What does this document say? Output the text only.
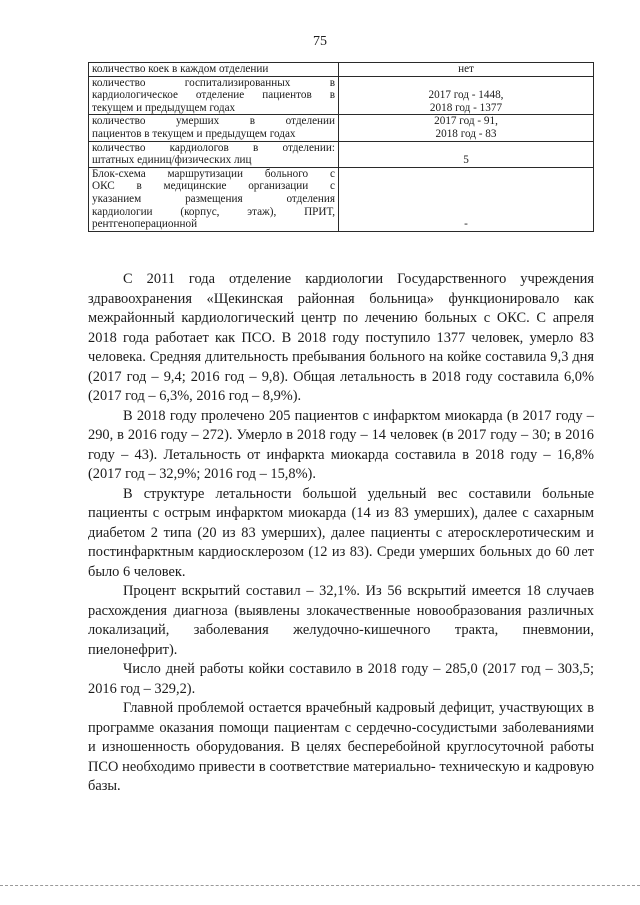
75
количество коек в каждом отделении	нет

количество госпитализированных в
кардиологическое отделение пациентов в
текущем и предыдущем годах	2017 год - 1448,
2018 год - 1377

количество умерших в отделении
пациентов в текущем и предыдущем годах	2017 год - 91,
2018 год - 83

количество кардиологов в отделении:
штатных единиц/физических лиц	5

Блок-схема маршрутизации больного с
ОКС в медицинские организации с
указанием размещения отделения
кардиологии (корпус, этаж), ПРИТ,
рентгеноперационной	-

С 2011 года отделение кардиологии Государственного учреждения здравоохранения «Щекинская районная больница» функционировало как межрайонный кардиологический центр по лечению больных с ОКС. С апреля 2018 года работает как ПСО. В 2018 году поступило 1377 человек, умерло 83 человека. Средняя длительность пребывания больного на койке составила 9,3 дня (2017 год – 9,4; 2016 год – 9,8). Общая летальность в 2018 году составила 6,0% (2017 год – 6,3%, 2016 год – 8,9%).

В 2018 году пролечено 205 пациентов с инфарктом миокарда (в 2017 году – 290, в 2016 году – 272). Умерло в 2018 году – 14 человек (в 2017 году – 30; в 2016 году – 43). Летальность от инфаркта миокарда составила в 2018 году – 16,8% (2017 год – 32,9%; 2016 год – 15,8%).

В структуре летальности большой удельный вес составили больные пациенты с острым инфарктом миокарда (14 из 83 умерших), далее с сахарным диабетом 2 типа (20 из 83 умерших), далее пациенты с атеросклеротическим и постинфарктным кардиосклерозом (12 из 83). Среди умерших больных до 60 лет было 6 человек.

Процент вскрытий составил – 32,1%. Из 56 вскрытий имеется 18 случаев расхождения диагноза (выявлены злокачественные новообразования различных локализаций, заболевания желудочно-кишечного тракта, пневмонии, пиелонефрит).

Число дней работы койки составило в 2018 году – 285,0 (2017 год – 303,5; 2016 год – 329,2).

Главной проблемой остается врачебный кадровый дефицит, участвующих в программе оказания помощи пациентам с сердечно-сосудистыми заболеваниями и изношенность оборудования. В целях бесперебойной круглосуточной работы ПСО необходимо привести в соответствие материально- техническую и кадровую базы.
